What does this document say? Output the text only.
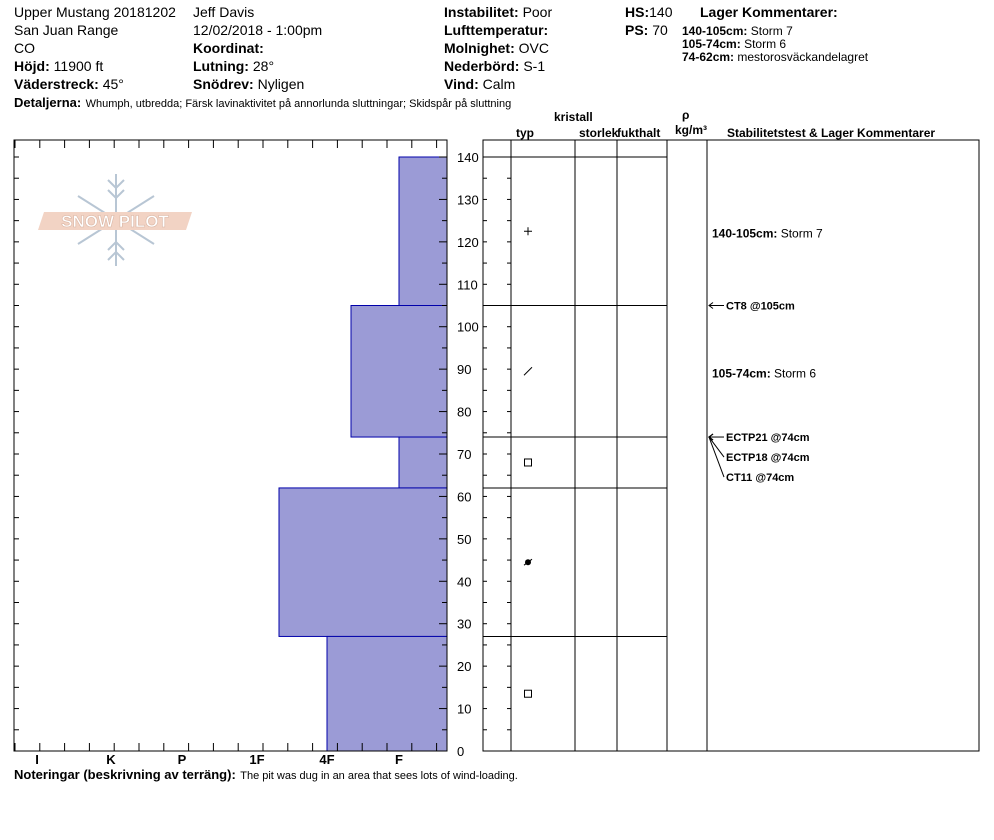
Upper Mustang 20181202
San Juan Range
CO
Höjd: 11900 ft
Väderstreck: 45°
Jeff Davis
12/02/2018 - 1:00pm
Koordinat:
Lutning: 28°
Snödrev: Nyligen
Instabilitet: Poor
Lufttemperatur:
Molnighet: OVC
Nederbörd: S-1
Vind: Calm
HS:140
PS: 70
Lager Kommentarer:
140-105cm: Storm 7
105-74cm: Storm 6
74-62cm: mestorosväckandelagret
Detaljerna: Whumph, utbredda; Färsk lavinaktivitet på annorlunda sluttningar; Skidspår på sluttning
kristall
typ	storlek
fukthalt
ρ
kg/m³ Stabilitetstest & Lager Kommentarer
SNOW PILOT
0
10
20
30
40
50
60
70
80
90
100
110
120
130
140
I	K	P	1F	4F	F
140-105cm: Storm 7
105-74cm: Storm 6
ECTP21 @74cm
ECTP18 @74cm
CT11 @74cm
CT8 @105cm
Noteringar (beskrivning av terräng): The pit was dug in an area that sees lots of wind-loading.
